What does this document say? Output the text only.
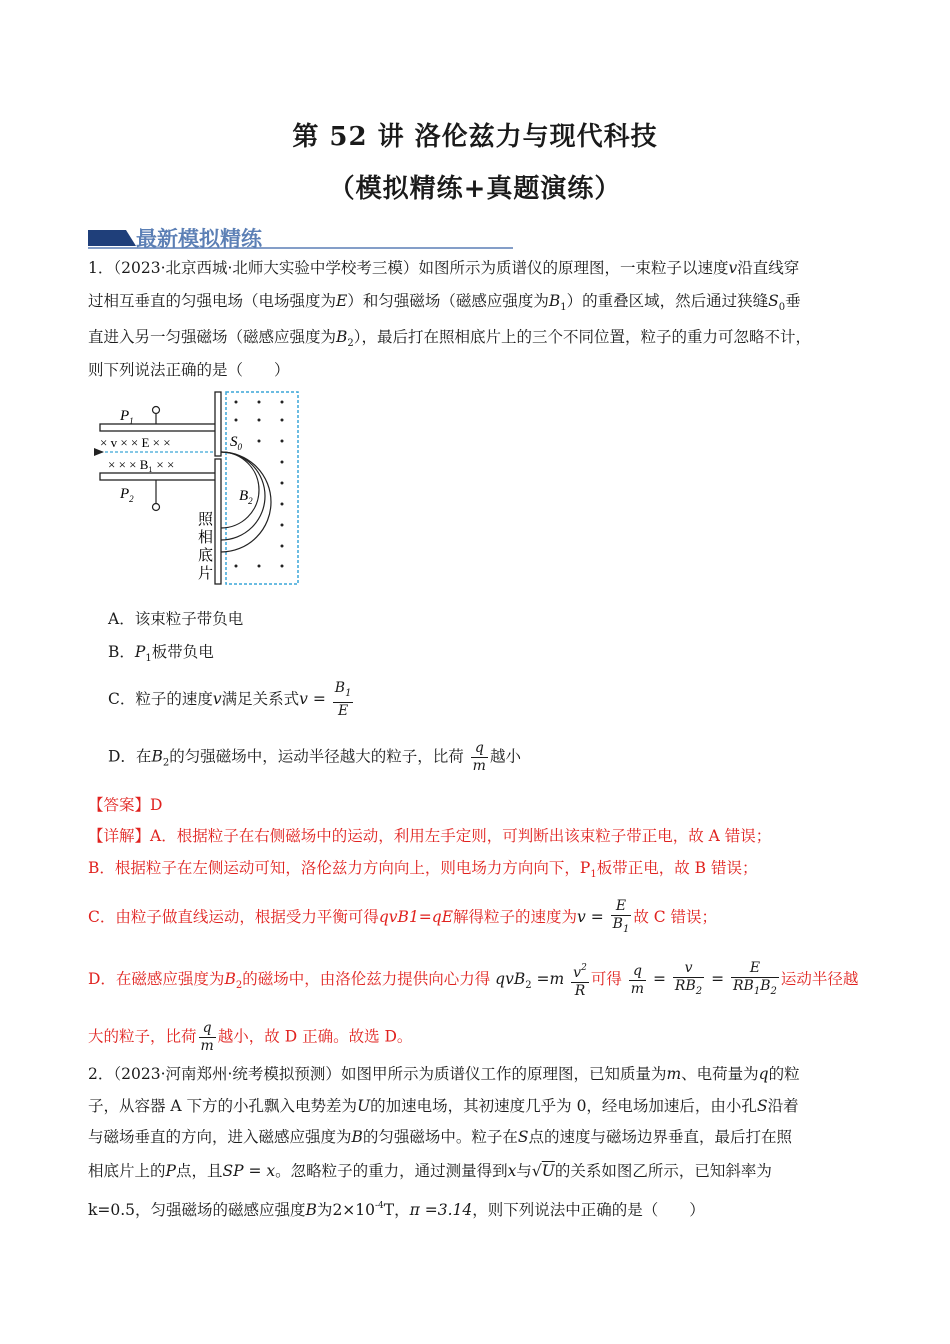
第 52 讲 洛伦兹力与现代科技
（模拟精练+真题演练）
最新模拟精练
1．（2023·北京西城·北师大实验中学校考三模）如图所示为质谱仪的原理图，一束粒子以速度v沿直线穿
过相互垂直的匀强电场（电场强度为E）和匀强磁场（磁感应强度为$B_1$）的重叠区域，然后通过狭缝$S_0$垂
直进入另一匀强磁场（磁感应强度为$B_2$），最后打在照相底片上的三个不同位置，粒子的重力可忽略不计，
则下列说法正确的是（　　）
$P_1$
$P_2$
× v × × E × ×
× × × $B_1$ × ×
$S_0$
$B_2$
照
相
底
片
A．该束粒子带负电
B．$P_1$板带负电
C．粒子的速度v满足关系式$v = \frac{B_1}{E}$
D．在$B_2$的匀强磁场中，运动半径越大的粒子，比荷 $\frac{q}{m}$ 越小
【答案】D
【详解】A．根据粒子在右侧磁场中的运动，利用左手定则，可判断出该束粒子带正电，故 A 错误；
B．根据粒子在左侧运动可知，洛伦兹力方向向上，则电场力方向向下，$P_1$板带正电，故 B 错误；
C．由粒子做直线运动，根据受力平衡可得qvB1=qE解得粒子的速度为$v = \frac{E}{B_1}$ 故 C 错误；
D．在磁感应强度为$B_2$的磁场中，由洛伦兹力提供向心力得 $qvB_2 =m \frac{v^2}{R}$ 可得 $\frac{q}{m} = \frac{v}{RB_2} = \frac{E}{RB_1B_2}$ 运动半径越
大的粒子，比荷 $\frac{q}{m}$ 越小，故 D 正确。故选 D。
2．（2023·河南郑州·统考模拟预测）如图甲所示为质谱仪工作的原理图，已知质量为m、电荷量为q的粒
子，从容器 A 下方的小孔飘入电势差为U的加速电场，其初速度几乎为 0，经电场加速后，由小孔S沿着
与磁场垂直的方向，进入磁感应强度为B的匀强磁场中。粒子在S点的速度与磁场边界垂直，最后打在照
相底片上的P点，且SP = x。忽略粒子的重力，通过测量得到x与√U的关系如图乙所示，已知斜率为
k=0.5，匀强磁场的磁感应强度B为$2\times 10^{-4}T$，π =3.14，则下列说法中正确的是（　　）
